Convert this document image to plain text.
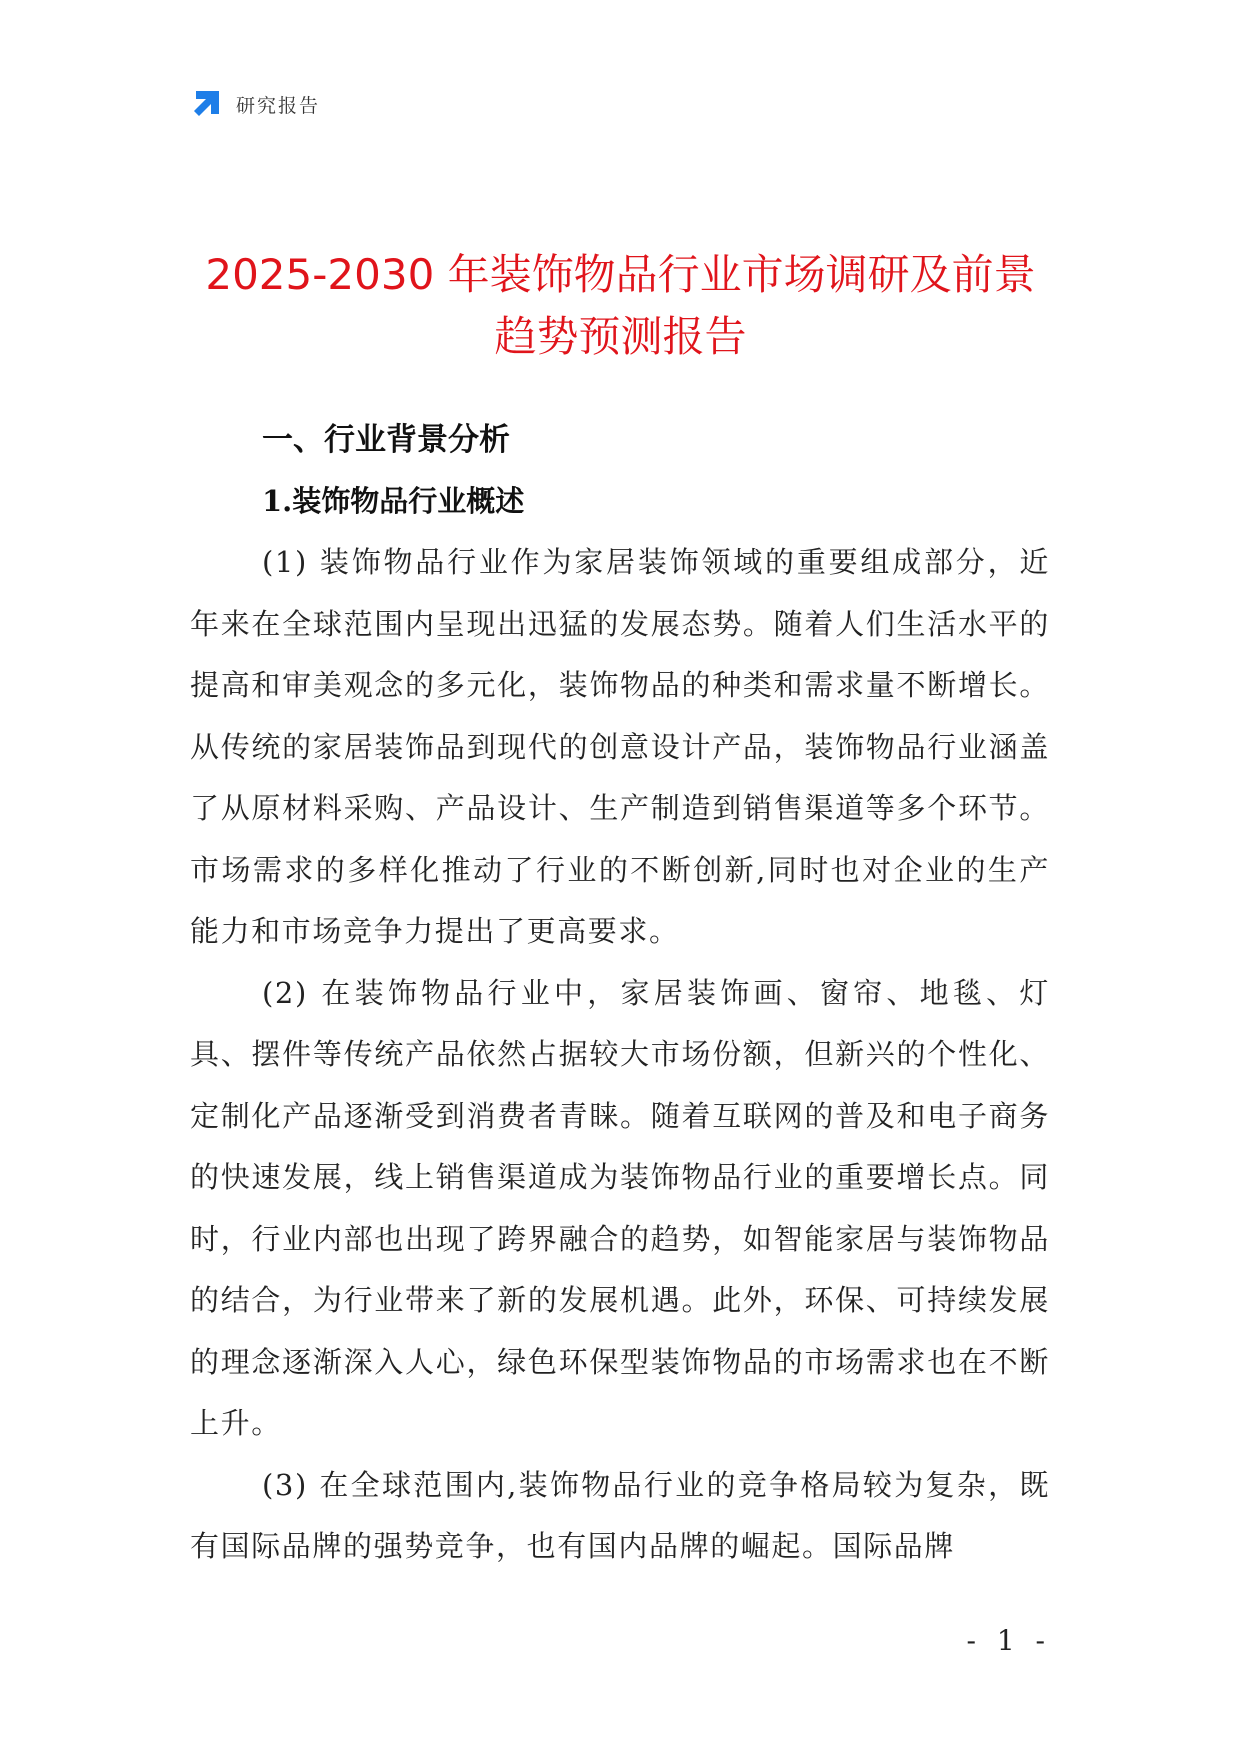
研究报告
2025-2030 年装饰物品行业市场调研及前景
趋势预测报告
一、行业背景分析
1.装饰物品行业概述

(1) 装饰物品行业作为家居装饰领域的重要组成部分，近年来在全球范围内呈现出迅猛的发展态势。随着人们生活水平的提高和审美观念的多元化，装饰物品的种类和需求量不断增长。从传统的家居装饰品到现代的创意设计产品，装饰物品行业涵盖了从原材料采购、产品设计、生产制造到销售渠道等多个环节。市场需求的多样化推动了行业的不断创新,同时也对企业的生产能力和市场竞争力提出了更高要求。

(2) 在装饰物品行业中，家居装饰画、窗帘、地毯、灯具、摆件等传统产品依然占据较大市场份额，但新兴的个性化、定制化产品逐渐受到消费者青睐。随着互联网的普及和电子商务的快速发展，线上销售渠道成为装饰物品行业的重要增长点。同时，行业内部也出现了跨界融合的趋势，如智能家居与装饰物品的结合，为行业带来了新的发展机遇。此外，环保、可持续发展的理念逐渐深入人心，绿色环保型装饰物品的市场需求也在不断上升。

(3) 在全球范围内,装饰物品行业的竞争格局较为复杂，既有国际品牌的强势竞争，也有国内品牌的崛起。国际品牌

- 1 -
